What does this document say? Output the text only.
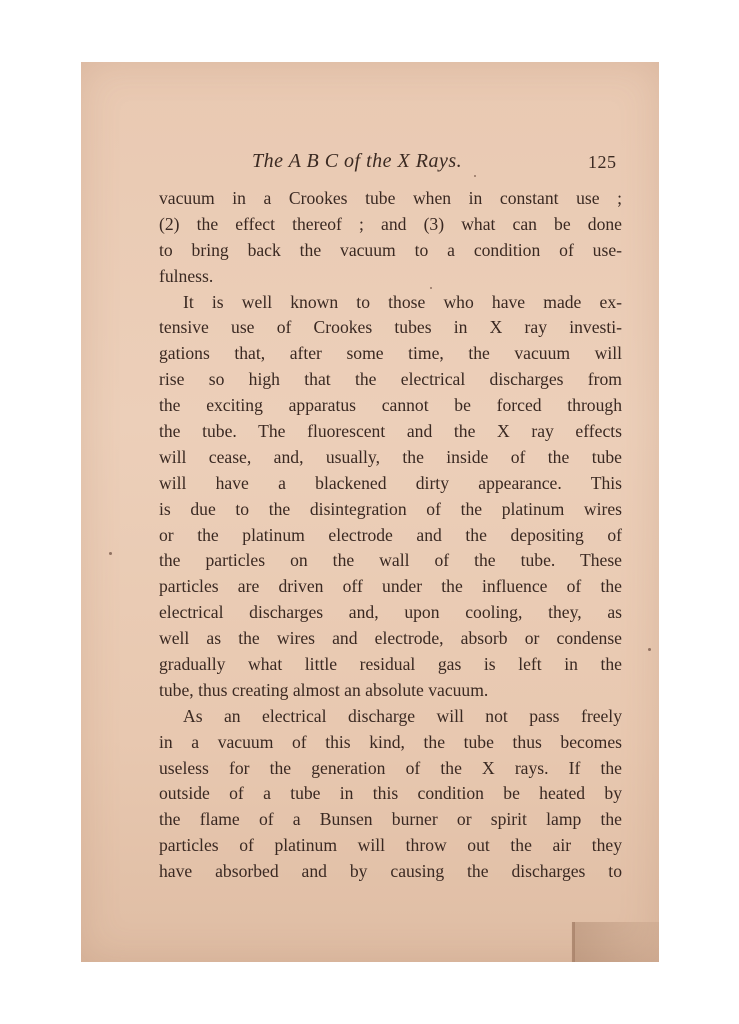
The A B C of the X Rays.	125
vacuum in a Crookes tube when in constant use ;
(2) the effect thereof ; and (3) what can be done
to bring back the vacuum to a condition of use-
fulness.
It is well known to those who have made ex-
tensive use of Crookes tubes in X ray investi-
gations that, after some time, the vacuum will
rise so high that the electrical discharges from
the exciting apparatus cannot be forced through
the tube. The fluorescent and the X ray effects
will cease, and, usually, the inside of the tube
will have a blackened dirty appearance. This
is due to the disintegration of the platinum wires
or the platinum electrode and the depositing of
the particles on the wall of the tube. These
particles are driven off under the influence of the
electrical discharges and, upon cooling, they, as
well as the wires and electrode, absorb or condense
gradually what little residual gas is left in the
tube, thus creating almost an absolute vacuum.
As an electrical discharge will not pass freely
in a vacuum of this kind, the tube thus becomes
useless for the generation of the X rays. If the
outside of a tube in this condition be heated by
the flame of a Bunsen burner or spirit lamp the
particles of platinum will throw out the air they
have absorbed and by causing the discharges to
